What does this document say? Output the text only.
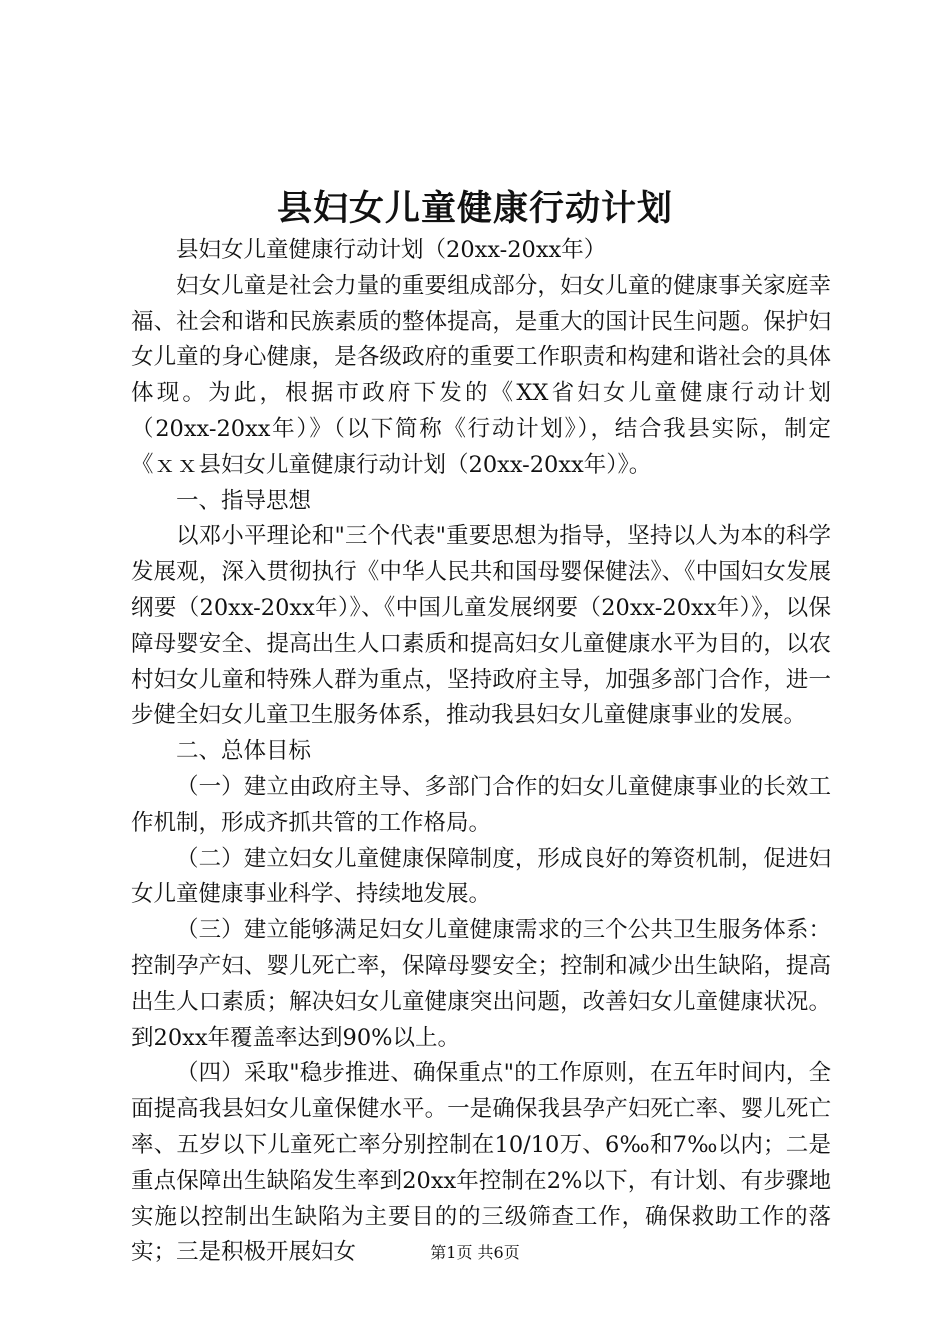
县妇女儿童健康行动计划

县妇女儿童健康行动计划（20xx-20xx年）

妇女儿童是社会力量的重要组成部分，妇女儿童的健康事关家庭幸福、社会和谐和民族素质的整体提高，是重大的国计民生问题。保护妇女儿童的身心健康，是各级政府的重要工作职责和构建和谐社会的具体体现。为此，根据市政府下发的《XX省妇女儿童健康行动计划（20xx-20xx年）》（以下简称《行动计划》），结合我县实际，制定《ｘｘ县妇女儿童健康行动计划（20xx-20xx年）》。

一、指导思想

以邓小平理论和"三个代表"重要思想为指导，坚持以人为本的科学发展观，深入贯彻执行《中华人民共和国母婴保健法》、《中国妇女发展纲要（20xx-20xx年）》、《中国儿童发展纲要（20xx-20xx年）》，以保障母婴安全、提高出生人口素质和提高妇女儿童健康水平为目的，以农村妇女儿童和特殊人群为重点，坚持政府主导，加强多部门合作，进一步健全妇女儿童卫生服务体系，推动我县妇女儿童健康事业的发展。

二、总体目标

（一）建立由政府主导、多部门合作的妇女儿童健康事业的长效工作机制，形成齐抓共管的工作格局。

（二）建立妇女儿童健康保障制度，形成良好的筹资机制，促进妇女儿童健康事业科学、持续地发展。

（三）建立能够满足妇女儿童健康需求的三个公共卫生服务体系：控制孕产妇、婴儿死亡率，保障母婴安全；控制和减少出生缺陷，提高出生人口素质；解决妇女儿童健康突出问题，改善妇女儿童健康状况。到20xx年覆盖率达到90%以上。

（四）采取"稳步推进、确保重点"的工作原则，在五年时间内，全面提高我县妇女儿童保健水平。一是确保我县孕产妇死亡率、婴儿死亡率、五岁以下儿童死亡率分别控制在10/10万、6‰和7‰以内；二是重点保障出生缺陷发生率到20xx年控制在2%以下，有计划、有步骤地实施以控制出生缺陷为主要目的的三级筛查工作，确保救助工作的落实；三是积极开展妇女	第1页 共6页
